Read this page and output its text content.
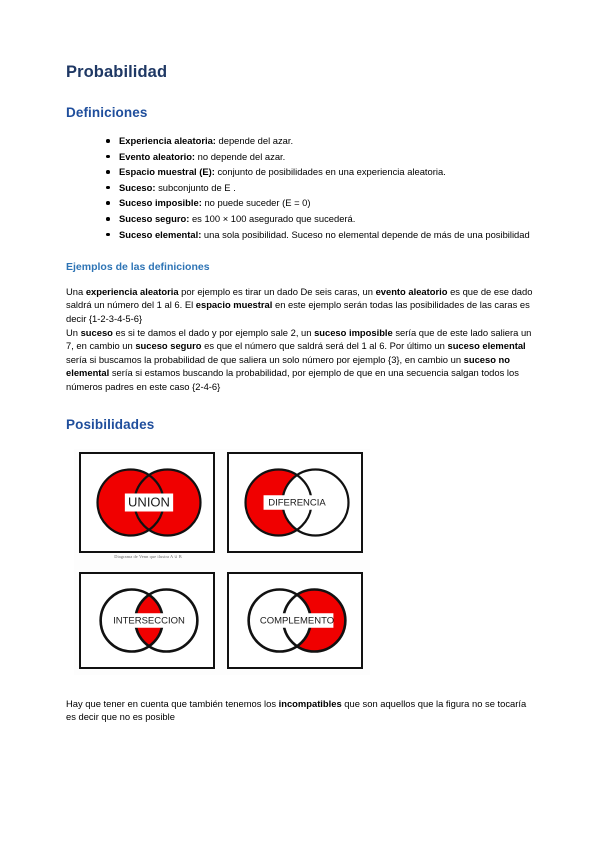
Probabilidad
Definiciones
Experiencia aleatoria: depende del azar.
Evento aleatorio: no depende del azar.
Espacio muestral (E): conjunto de posibilidades en una experiencia aleatoria.
Suceso: subconjunto de E .
Suceso imposible: no puede suceder (E = 0)
Suceso seguro: es 100 × 100 asegurado que sucederá.
Suceso elemental: una sola posibilidad. Suceso no elemental depende de más de una posibilidad
Ejemplos de las definiciones

Una experiencia aleatoria por ejemplo es tirar un dado De seis caras, un evento aleatorio es que de ese dado saldrá un número del 1 al 6. El espacio muestral en este ejemplo serán todas las posibilidades de las caras es decir {1-2-3-4-5-6}

Un suceso es si te damos el dado y por ejemplo sale 2, un suceso imposible sería que de este lado saliera un 7, en cambio un suceso seguro es que el número que saldrá será del 1 al 6. Por último un suceso elemental sería si buscamos la probabilidad de que saliera un solo número por ejemplo {3}, en cambio un suceso no elemental sería si estamos buscando la probabilidad, por ejemplo de que en una secuencia salgan todos los números padres en este caso {2-4-6}

Posibilidades
UNION
Diagrama de Venn que ilustra A ∪ B
DIFERENCIA
INTERSECCION	COMPLEMENTO

Hay que tener en cuenta que también tenemos los incompatibles que son aquellos que la figura no se tocaría es decir que no es posible
